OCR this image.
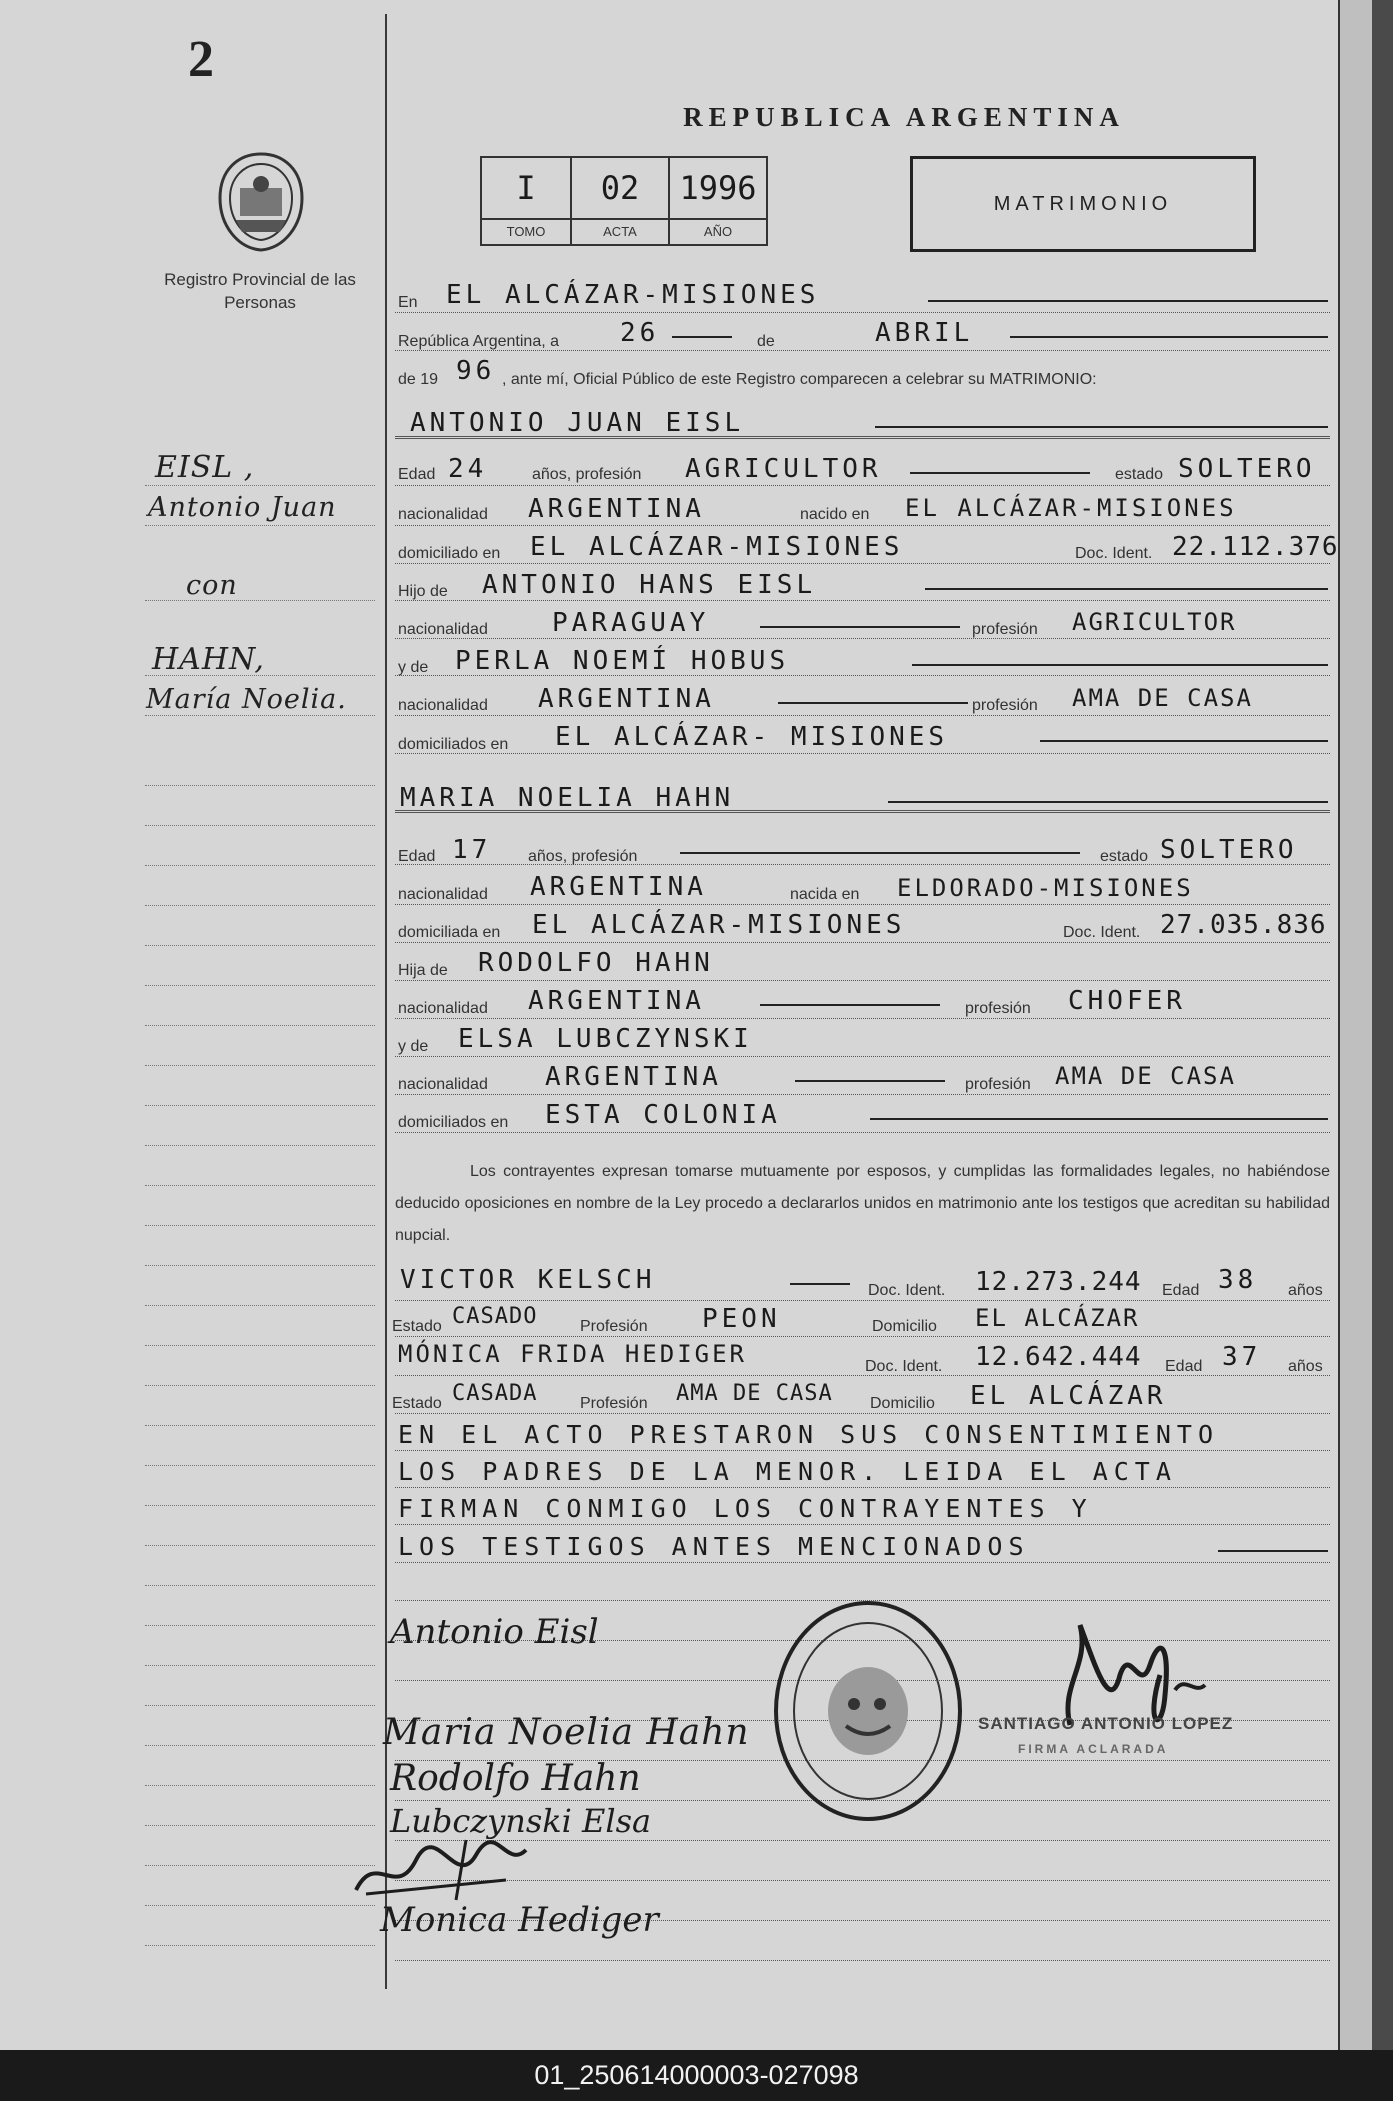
2
Registro Provincial de las Personas
EISL ,
Antonio Juan
con
HAHN,
María Noelia.
REPUBLICA ARGENTINA
I	02	1996
TOMO	ACTA	AÑO
MATRIMONIO
En EL ALCÁZAR-MISIONES
República Argentina, a 26	de	ABRIL
de 19 96 , ante mí, Oficial Público de este Registro comparecen a celebrar su MATRIMONIO:
ANTONIO JUAN EISL
Edad 24	años, profesión AGRICULTOR	estado SOLTERO
nacionalidad ARGENTINA	nacido en EL ALCÁZAR-MISIONES
domiciliado en EL ALCÁZAR-MISIONES	Doc. Ident. 22.112.376
Hijo de ANTONIO HANS EISL
nacionalidad PARAGUAY	profesión AGRICULTOR
y de PERLA NOEMÍ HOBUS
nacionalidad ARGENTINA	profesión AMA DE CASA
domiciliados en EL ALCÁZAR- MISIONES
MARIA NOELIA HAHN
Edad 17 años, profesión	estado SOLTERO
nacionalidad ARGENTINA	nacida en ELDORADO-MISIONES
domiciliada en EL ALCÁZAR-MISIONES	Doc. Ident. 27.035.836
Hija de RODOLFO HAHN
nacionalidad ARGENTINA	profesión CHOFER
y de ELSA LUBCZYNSKI
nacionalidad ARGENTINA	profesión AMA DE CASA
domiciliados en ESTA COLONIA
Los contrayentes expresan tomarse mutuamente por esposos, y cumplidas las formalidades legales, no habiéndose deducido oposiciones en nombre de la Ley procedo a declararlos unidos en matrimonio ante los testigos que acreditan su habilidad nupcial.
VICTOR KELSCH	Doc. Ident. 12.273.244 Edad 38 años
Estado CASADO	Profesión PEON	Domicilio EL ALCÁZAR
MÓNICA FRIDA HEDIGER	Doc. Ident. 12.642.444 Edad 37 años
Estado CASADA	Profesión AMA DE CASA Domicilio EL ALCÁZAR
EN EL ACTO PRESTARON SUS CONSENTIMIENTO
LOS PADRES DE LA MENOR. LEIDA EL ACTA
FIRMAN CONMIGO LOS CONTRAYENTES Y
LOS TESTIGOS ANTES MENCIONADOS
Antonio Eisl
Maria Noelia Hahn
Rodolfo Hahn
Lubczynski Elsa
Monica Hediger
SANTIAGO ANTONIO LOPEZ
FIRMA ACLARADA
01_250614000003-027098
